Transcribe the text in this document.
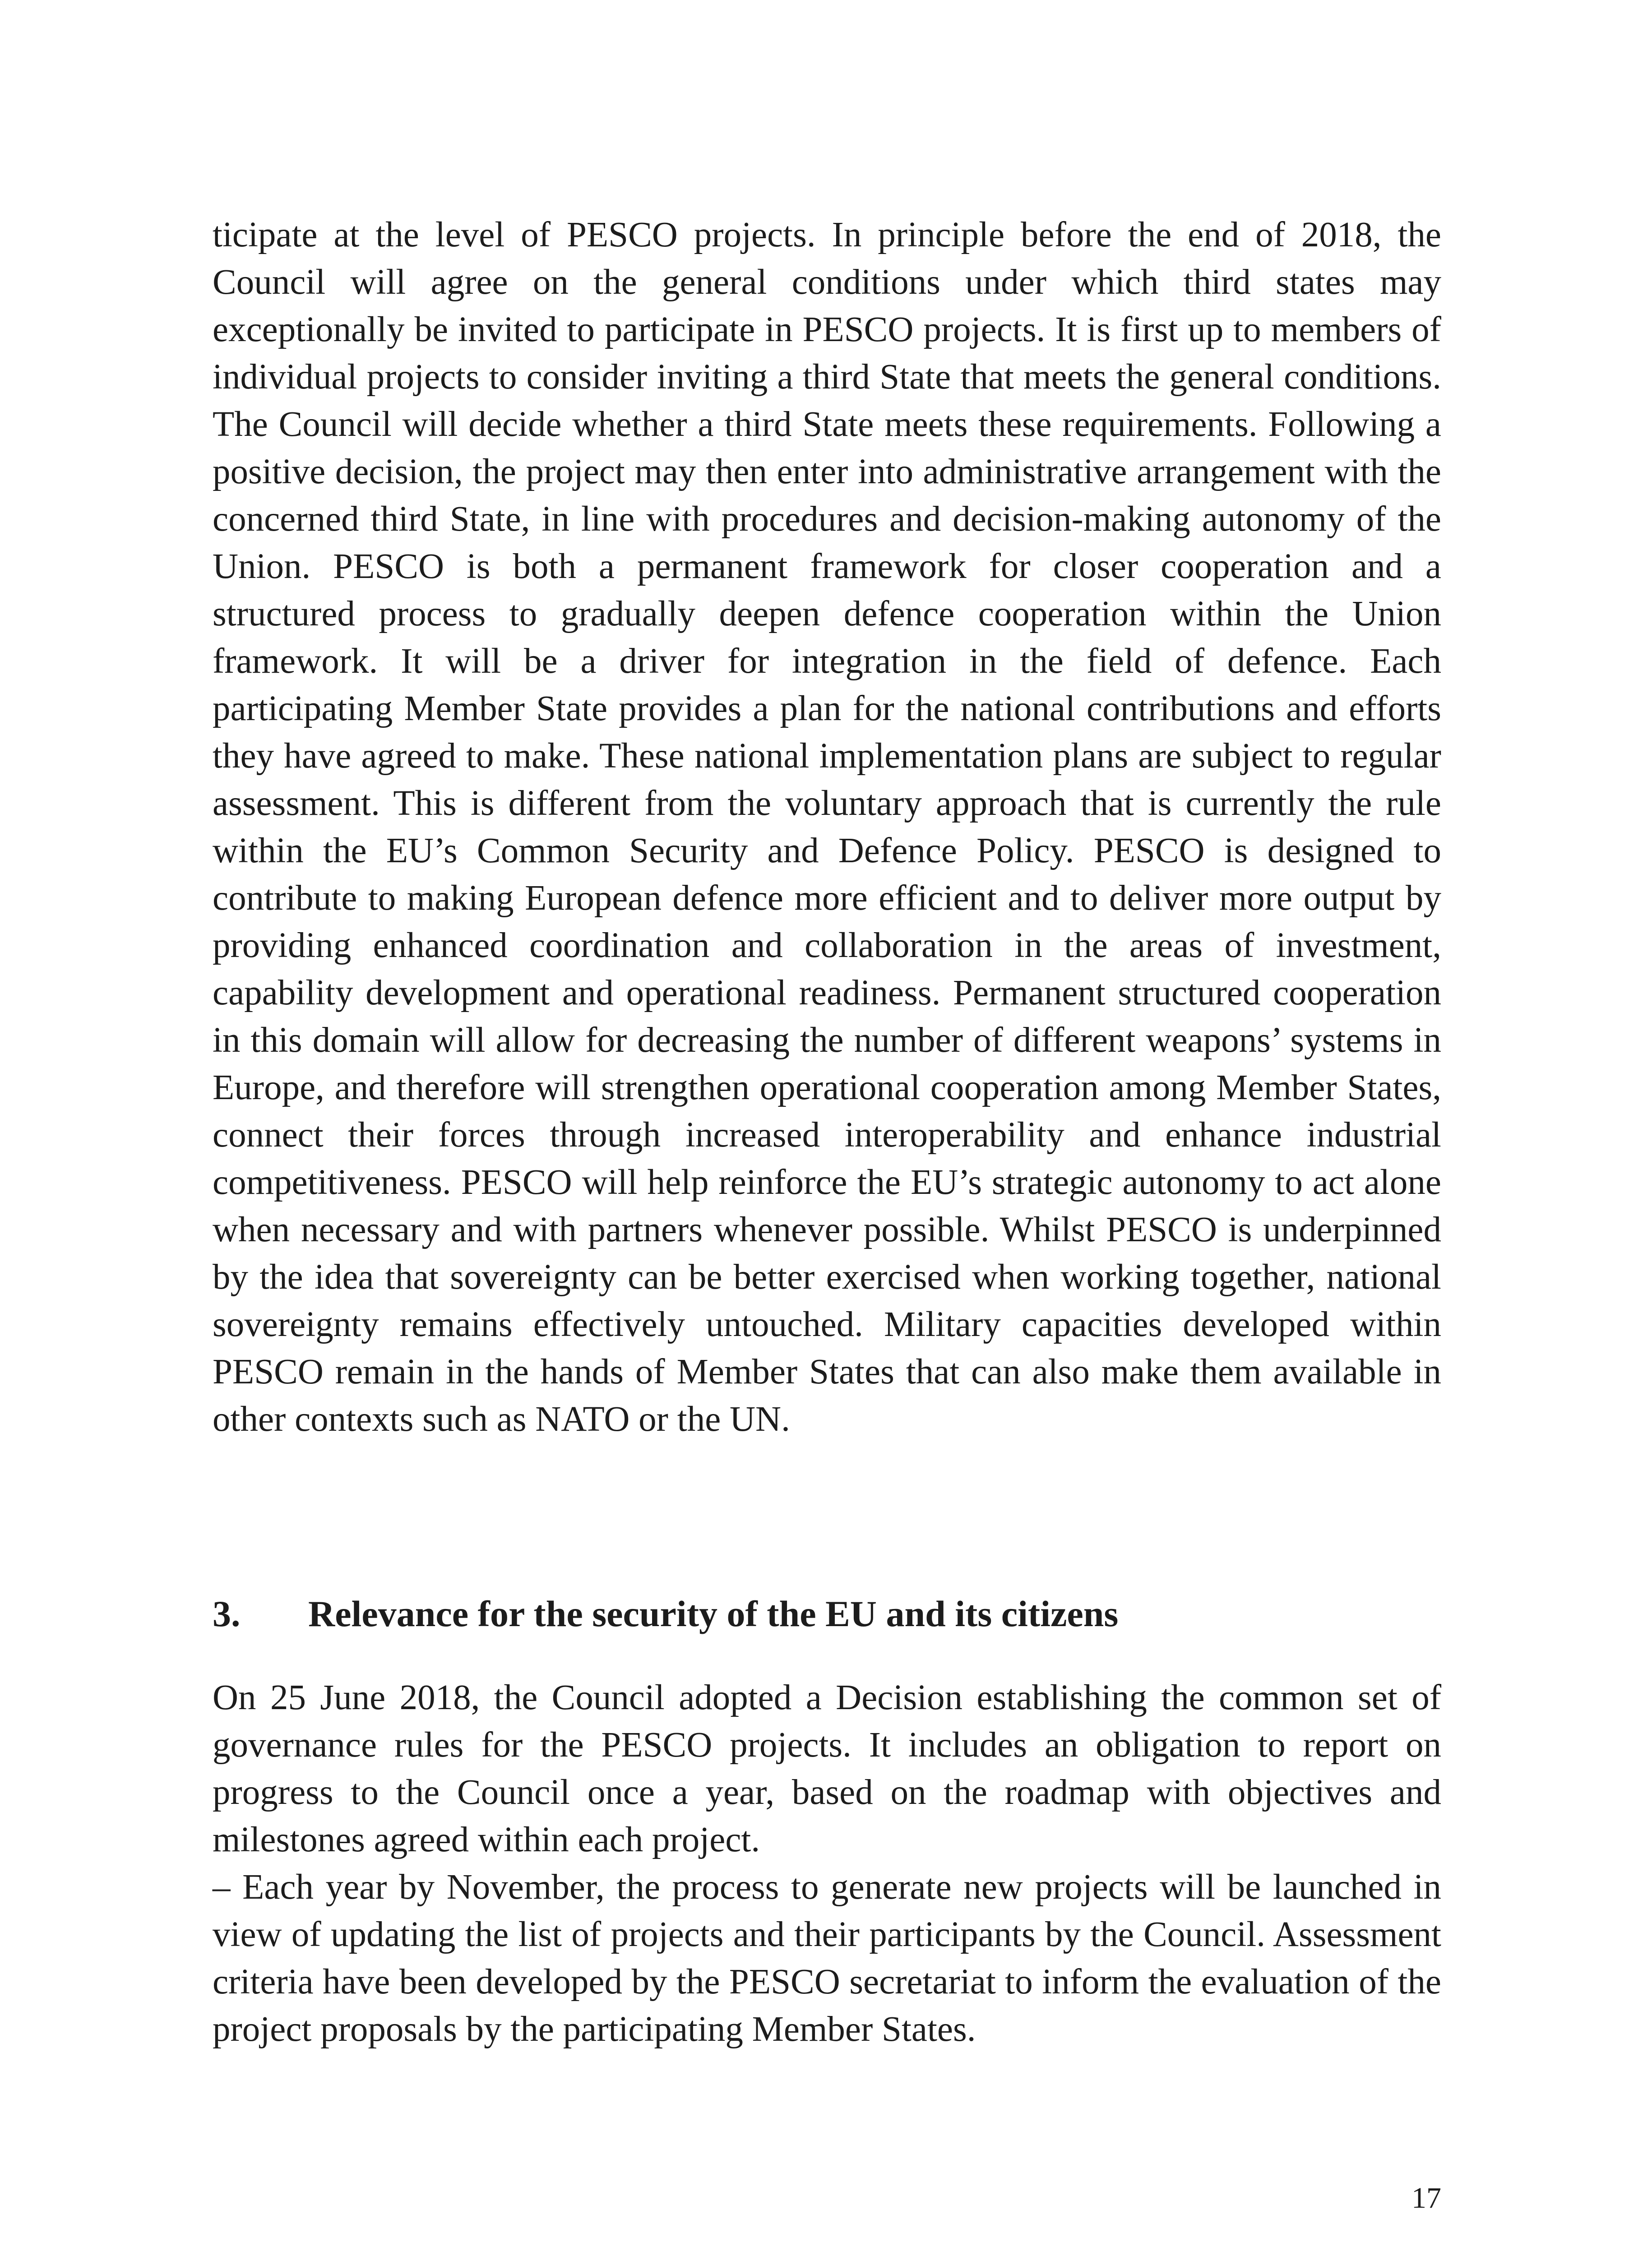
ticipate at the level of PESCO projects. In principle before the end of 2018, the Council will agree on the general conditions under which third states may exceptionally be invited to participate in PESCO projects. It is first up to members of individual projects to consider inviting a third State that meets the general conditions. The Council will decide whether a third State meets these requirements. Following a positive decision, the project may then enter into administrative arrangement with the concerned third State, in line with procedures and decision-making autonomy of the Union. PESCO is both a permanent framework for closer cooperation and a structured process to gradually deepen defence cooperation within the Union framework. It will be a driver for integration in the field of defence. Each participating Member State provides a plan for the national contributions and efforts they have agreed to make. These national implementation plans are subject to regular assessment. This is different from the voluntary approach that is currently the rule within the EU’s Common Security and Defence Policy. PESCO is designed to contribute to making European defence more efficient and to deliver more output by providing enhanced coordination and collaboration in the areas of investment, capability development and operational readiness. Permanent structured cooperation in this domain will allow for decreasing the number of different weapons’ systems in Europe, and therefore will strengthen operational cooperation among Member States, connect their forces through increased interoperability and enhance industrial competitiveness. PESCO will help reinforce the EU’s strategic autonomy to act alone when necessary and with partners whenever possible. Whilst PESCO is underpinned by the idea that sovereignty can be better exercised when working together, national sovereignty remains effectively untouched. Military capacities developed within PESCO remain in the hands of Member States that can also make them available in other contexts such as NATO or the UN.

3. Relevance for the security of the EU and its citizens

On 25 June 2018, the Council adopted a Decision establishing the common set of governance rules for the PESCO projects. It includes an obligation to report on progress to the Council once a year, based on the roadmap with objectives and milestones agreed within each project.

– Each year by November, the process to generate new projects will be launched in view of updating the list of projects and their participants by the Council. Assessment criteria have been developed by the PESCO secretariat to inform the evaluation of the project proposals by the participating Member States.

17
